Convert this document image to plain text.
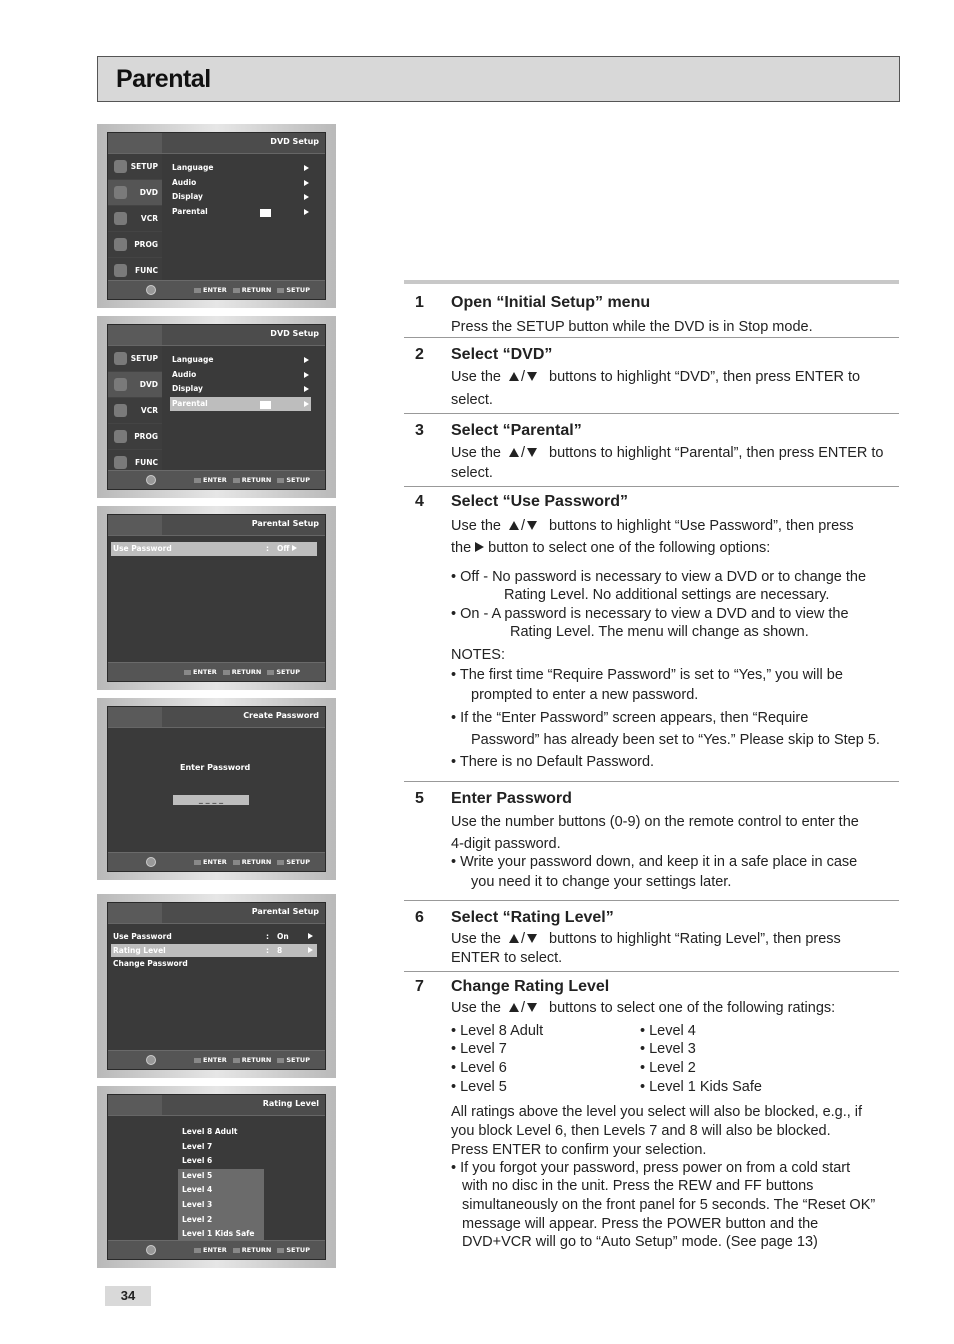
Parental
DVD Setup
SETUP
DVD
VCR
PROG
FUNC
Language
Audio
Display
Parental
ENTER RETURN SETUP
DVD Setup
SETUP
DVD
VCR
PROG
FUNC
Language
Audio
Display
Parental
ENTER RETURN SETUP
Parental Setup
Use Password	: Off
ENTER RETURN SETUP
Create Password
Enter Password
_ _ _ _
ENTER RETURN SETUP
Parental Setup
Use Password	: On
Rating Level	: 8
Change Password
ENTER RETURN SETUP
Rating Level
Level 8 Adult
Level 7
Level 6
Level 5
Level 4
Level 3
Level 2
Level 1 Kids Safe
ENTER RETURN SETUP
1 Open “Initial Setup” menu
Press the SETUP button while the DVD is in Stop mode.
2 Select “DVD”
Use the / buttons to highlight “DVD”, then press ENTER to
select.
3 Select “Parental”
Use the / buttons to highlight “Parental”, then press ENTER to
select.
4 Select “Use Password”
Use the / buttons to highlight “Use Password”, then press
the button to select one of the following options:
• Off - No password is necessary to view a DVD or to change the
Rating Level. No additional settings are necessary.
• On - A password is necessary to view a DVD and to view the
Rating Level. The menu will change as shown.
NOTES:
• The first time “Require Password” is set to “Yes,” you will be
prompted to enter a new password.
• If the “Enter Password” screen appears, then “Require
Password” has already been set to “Yes.” Please skip to Step 5.
• There is no Default Password.
5 Enter Password
Use the number buttons (0-9) on the remote control to enter the
4-digit password.
• Write your password down, and keep it in a safe place in case
you need it to change your settings later.
6 Select “Rating Level”
Use the / buttons to highlight “Rating Level”, then press
ENTER to select.
7 Change Rating Level
Use the / buttons to select one of the following ratings:
• Level 8 Adult
• Level 7
• Level 6
• Level 5
• Level 4
• Level 3
• Level 2
• Level 1 Kids Safe
All ratings above the level you select will also be blocked, e.g., if
you block Level 6, then Levels 7 and 8 will also be blocked.
Press ENTER to confirm your selection.
• If you forgot your password, press power on from a cold start
with no disc in the unit. Press the REW and FF buttons
simultaneously on the front panel for 5 seconds. The “Reset OK”
message will appear. Press the POWER button and the
DVD+VCR will go to “Auto Setup” mode. (See page 13)
34
